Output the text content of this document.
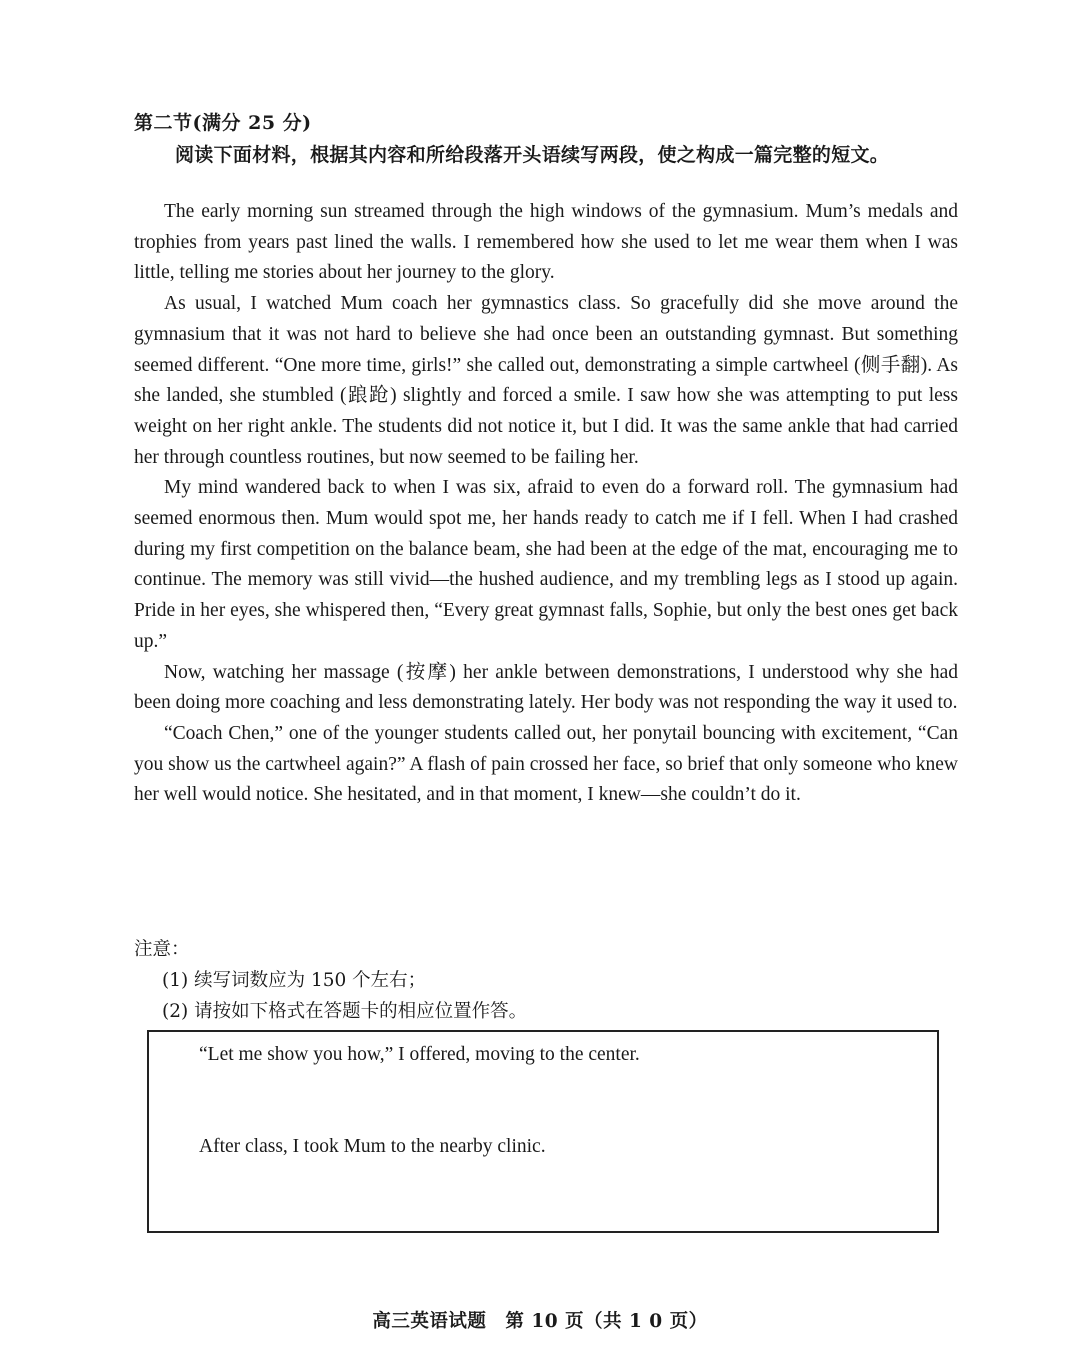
第二节(满分 25 分)
阅读下面材料，根据其内容和所给段落开头语续写两段，使之构成一篇完整的短文。

The early morning sun streamed through the high windows of the gymnasium. Mum’s medals and trophies from years past lined the walls. I remembered how she used to let me wear them when I was little, telling me stories about her journey to the glory.

As usual, I watched Mum coach her gymnastics class. So gracefully did she move around the gymnasium that it was not hard to believe she had once been an outstanding gymnast. But something seemed different. “One more time, girls!” she called out, demonstrating a simple cartwheel (侧手翻). As she landed, she stumbled (踉跄) slightly and forced a smile. I saw how she was attempting to put less weight on her right ankle. The students did not notice it, but I did. It was the same ankle that had carried her through countless routines, but now seemed to be failing her.

My mind wandered back to when I was six, afraid to even do a forward roll. The gymnasium had seemed enormous then. Mum would spot me, her hands ready to catch me if I fell. When I had crashed during my first competition on the balance beam, she had been at the edge of the mat, encouraging me to continue. The memory was still vivid—the hushed audience, and my trembling legs as I stood up again. Pride in her eyes, she whispered then, “Every great gymnast falls, Sophie, but only the best ones get back up.”

Now, watching her massage (按摩) her ankle between demonstrations, I understood why she had been doing more coaching and less demonstrating lately. Her body was not responding the way it used to.

“Coach Chen,” one of the younger students called out, her ponytail bouncing with excitement, “Can you show us the cartwheel again?” A flash of pain crossed her face, so brief that only someone who knew her well would notice. She hesitated, and in that moment, I knew—she couldn’t do it.

注意：
(1) 续写词数应为 150 个左右；
(2) 请按如下格式在答题卡的相应位置作答。
“Let me show you how,” I offered, moving to the center.
After class, I took Mum to the nearby clinic.
高三英语试题　第 10 页（共 1 0 页）
